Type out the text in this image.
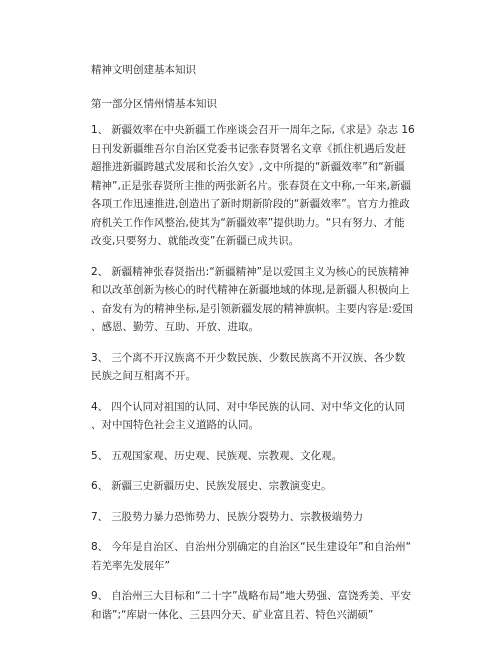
精神文明创建基本知识
第一部分区情州情基本知识

1、 新疆效率在中央新疆工作座谈会召开一周年之际,《求是》杂志 16 日刊发新疆维吾尔自治区党委书记张春贤署名文章《抓住机遇后发赶超推进新疆跨越式发展和长治久安》,文中所提的“新疆效率”和“新疆精神”,正是张春贤所主推的两张新名片。张春贤在文中称,一年来,新疆各项工作迅速推进,创造出了新时期新阶段的“新疆效率”。官方力推政府机关工作作风整治,使其为“新疆效率”提供助力。“只有努力、才能改变,只要努力、就能改变”在新疆已成共识。

2、 新疆精神张春贤指出:“新疆精神”是以爱国主义为核心的民族精神和以改革创新为核心的时代精神在新疆地域的体现,是新疆人积极向上、奋发有为的精神坐标,是引领新疆发展的精神旗帜。主要内容是:爱国、感恩、勤劳、互助、开放、进取。

3、 三个离不开汉族离不开少数民族、少数民族离不开汉族、各少数民族之间互相离不开。

4、 四个认同对祖国的认同、对中华民族的认同、对中华文化的认同、对中国特色社会主义道路的认同。

5、 五观国家观、历史观、民族观、宗教观、文化观。

6、 新疆三史新疆历史、民族发展史、宗教演变史。

7、 三股势力暴力恐怖势力、民族分裂势力、宗教极端势力

8、 今年是自治区、自治州分别确定的自治区“民生建设年”和自治州“若羌率先发展年”

9、 自治州三大目标和“二十字”战略布局“地大势强、富饶秀美、平安和谐”;“库尉一体化、三县四分天、矿业富且若、特色兴湖硕”
